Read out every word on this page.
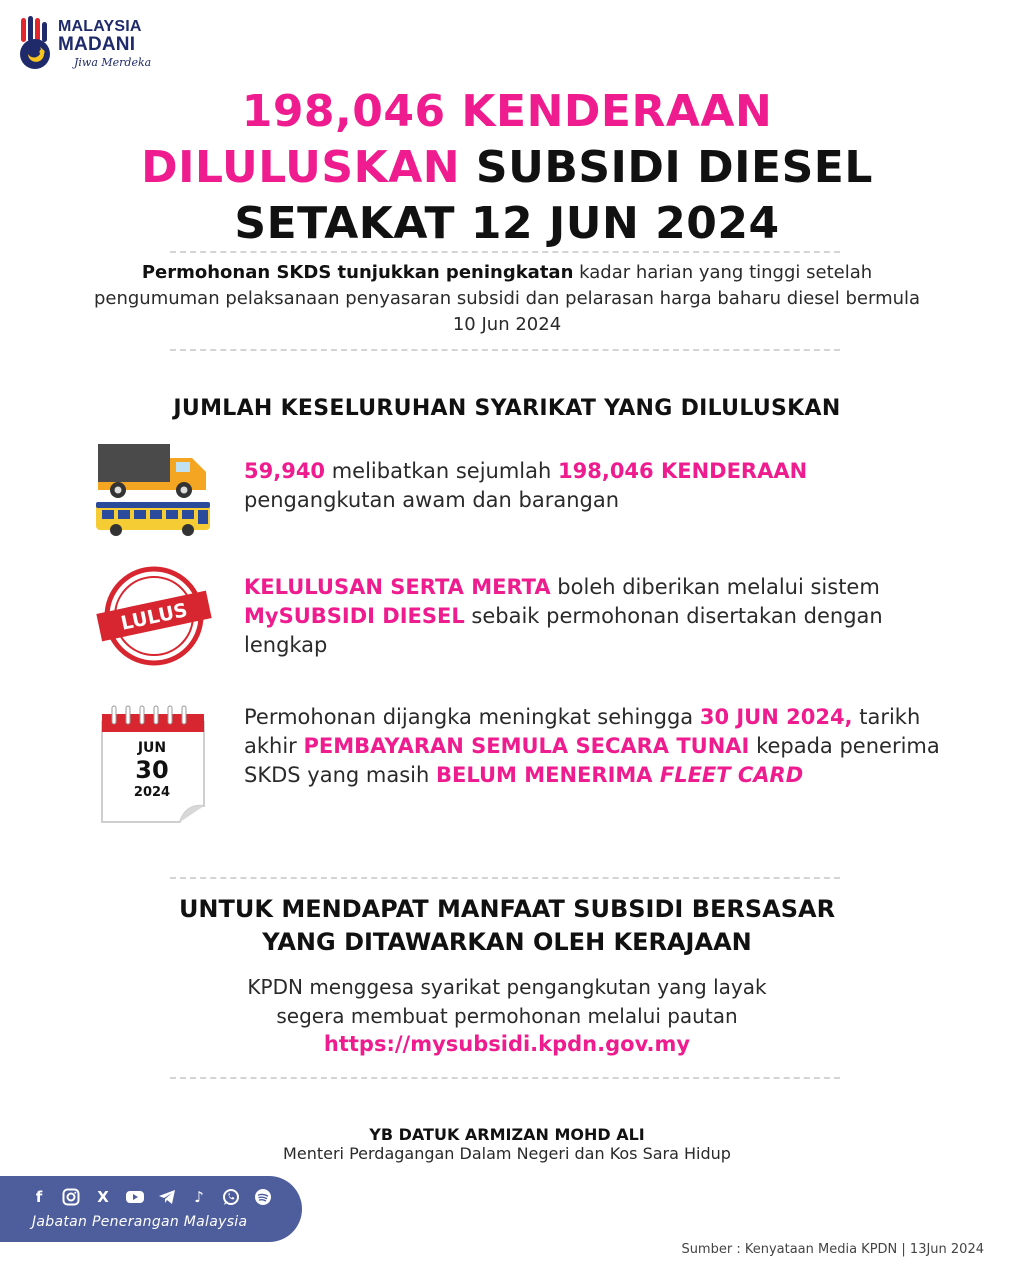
MALAYSIA
MADANI
Jiwa Merdeka
198,046 KENDERAAN
DILULUSKAN SUBSIDI DIESEL
SETAKAT 12 JUN 2024
Permohonan SKDS tunjukkan peningkatan kadar harian yang tinggi setelah pengumuman pelaksanaan penyasaran subsidi dan pelarasan harga baharu diesel bermula 10 Jun 2024
JUMLAH KESELURUHAN SYARIKAT YANG DILULUSKAN
59,940 melibatkan sejumlah 198,046 KENDERAAN pengangkutan awam dan barangan
LULUS
KELULUSAN SERTA MERTA boleh diberikan melalui sistem MySUBSIDI DIESEL sebaik permohonan disertakan dengan lengkap
JUN
30
2024
Permohonan dijangka meningkat sehingga 30 JUN 2024, tarikh akhir PEMBAYARAN SEMULA SECARA TUNAI kepada penerima SKDS yang masih BELUM MENERIMA FLEET CARD
UNTUK MENDAPAT MANFAAT SUBSIDI BERSASAR
YANG DITAWARKAN OLEH KERAJAAN
KPDN menggesa syarikat pengangkutan yang layak
segera membuat permohonan melalui pautan
https://mysubsidi.kpdn.gov.my
YB DATUK ARMIZAN MOHD ALI
Menteri Perdagangan Dalam Negeri dan Kos Sara Hidup
f	X	♪
Jabatan Penerangan Malaysia
Sumber : Kenyataan Media KPDN | 13Jun 2024
